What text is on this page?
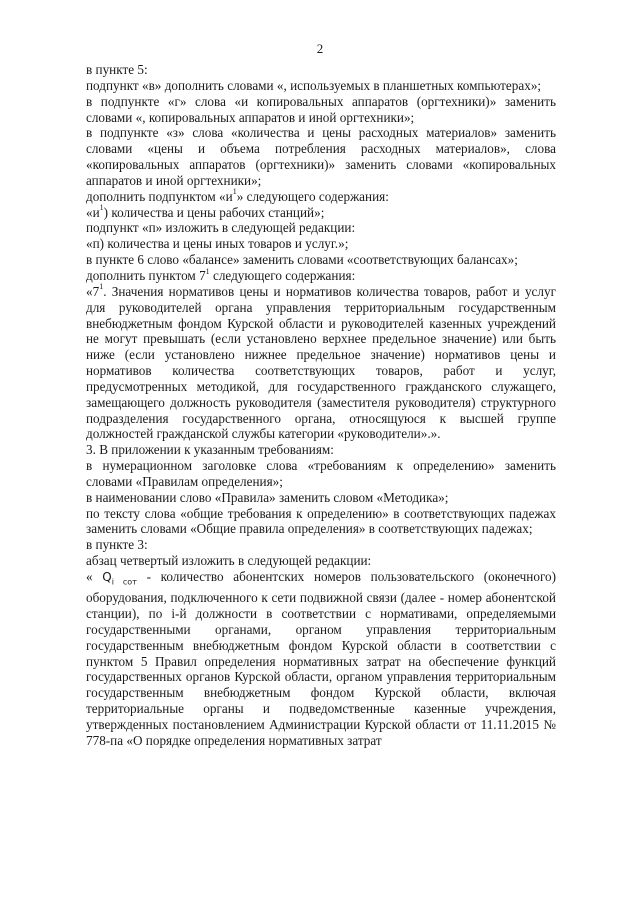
2

в пункте 5:

подпункт «в» дополнить словами «, используемых в планшетных компьютерах»;

в подпункте «г» слова «и копировальных аппаратов (оргтехники)» заменить словами «, копировальных аппаратов и иной оргтехники»;

в подпункте «з» слова «количества и цены расходных материалов» заменить словами «цены и объема потребления расходных материалов», слова «копировальных аппаратов (оргтехники)» заменить словами «копировальных аппаратов и иной оргтехники»;

дополнить подпунктом «$и^1$» следующего содержания:

«$и^1$) количества и цены рабочих станций»;

подпункт «п» изложить в следующей редакции:

«п) количества и цены иных товаров и услуг.»;

в пункте 6 слово «балансе» заменить словами «соответствующих балансах»;

дополнить пунктом $7^1$ следующего содержания:

«$7^1$. Значения нормативов цены и нормативов количества товаров, работ и услуг для руководителей органа управления территориальным государственным внебюджетным фондом Курской области и руководителей казенных учреждений не могут превышать (если установлено верхнее предельное значение) или быть ниже (если установлено нижнее предельное значение) нормативов цены и нормативов количества соответствующих товаров, работ и услуг, предусмотренных методикой, для государственного гражданского служащего, замещающего должность руководителя (заместителя руководителя) структурного подразделения государственного органа, относящуюся к высшей группе должностей гражданской службы категории «руководители».».

3. В приложении к указанным требованиям:

в нумерационном заголовке слова «требованиям к определению» заменить словами «Правилам определения»;

в наименовании слово «Правила» заменить словом «Методика»;

по тексту слова «общие требования к определению» в соответствующих падежах заменить словами «Общие правила определения» в соответствующих падежах;

в пункте 3:

абзац четвертый изложить в следующей редакции:

« $Q_{i сот}$ - количество абонентских номеров пользовательского (оконечного) оборудования, подключенного к сети подвижной связи (далее - номер абонентской станции), по i-й должности в соответствии с нормативами, определяемыми государственными органами, органом управления территориальным государственным внебюджетным фондом Курской области в соответствии с пунктом 5 Правил определения нормативных затрат на обеспечение функций государственных органов Курской области, органом управления территориальным государственным внебюджетным фондом Курской области, включая территориальные органы и подведомственные казенные учреждения, утвержденных постановлением Администрации Курской области от 11.11.2015 № 778-па «О порядке определения нормативных затрат
